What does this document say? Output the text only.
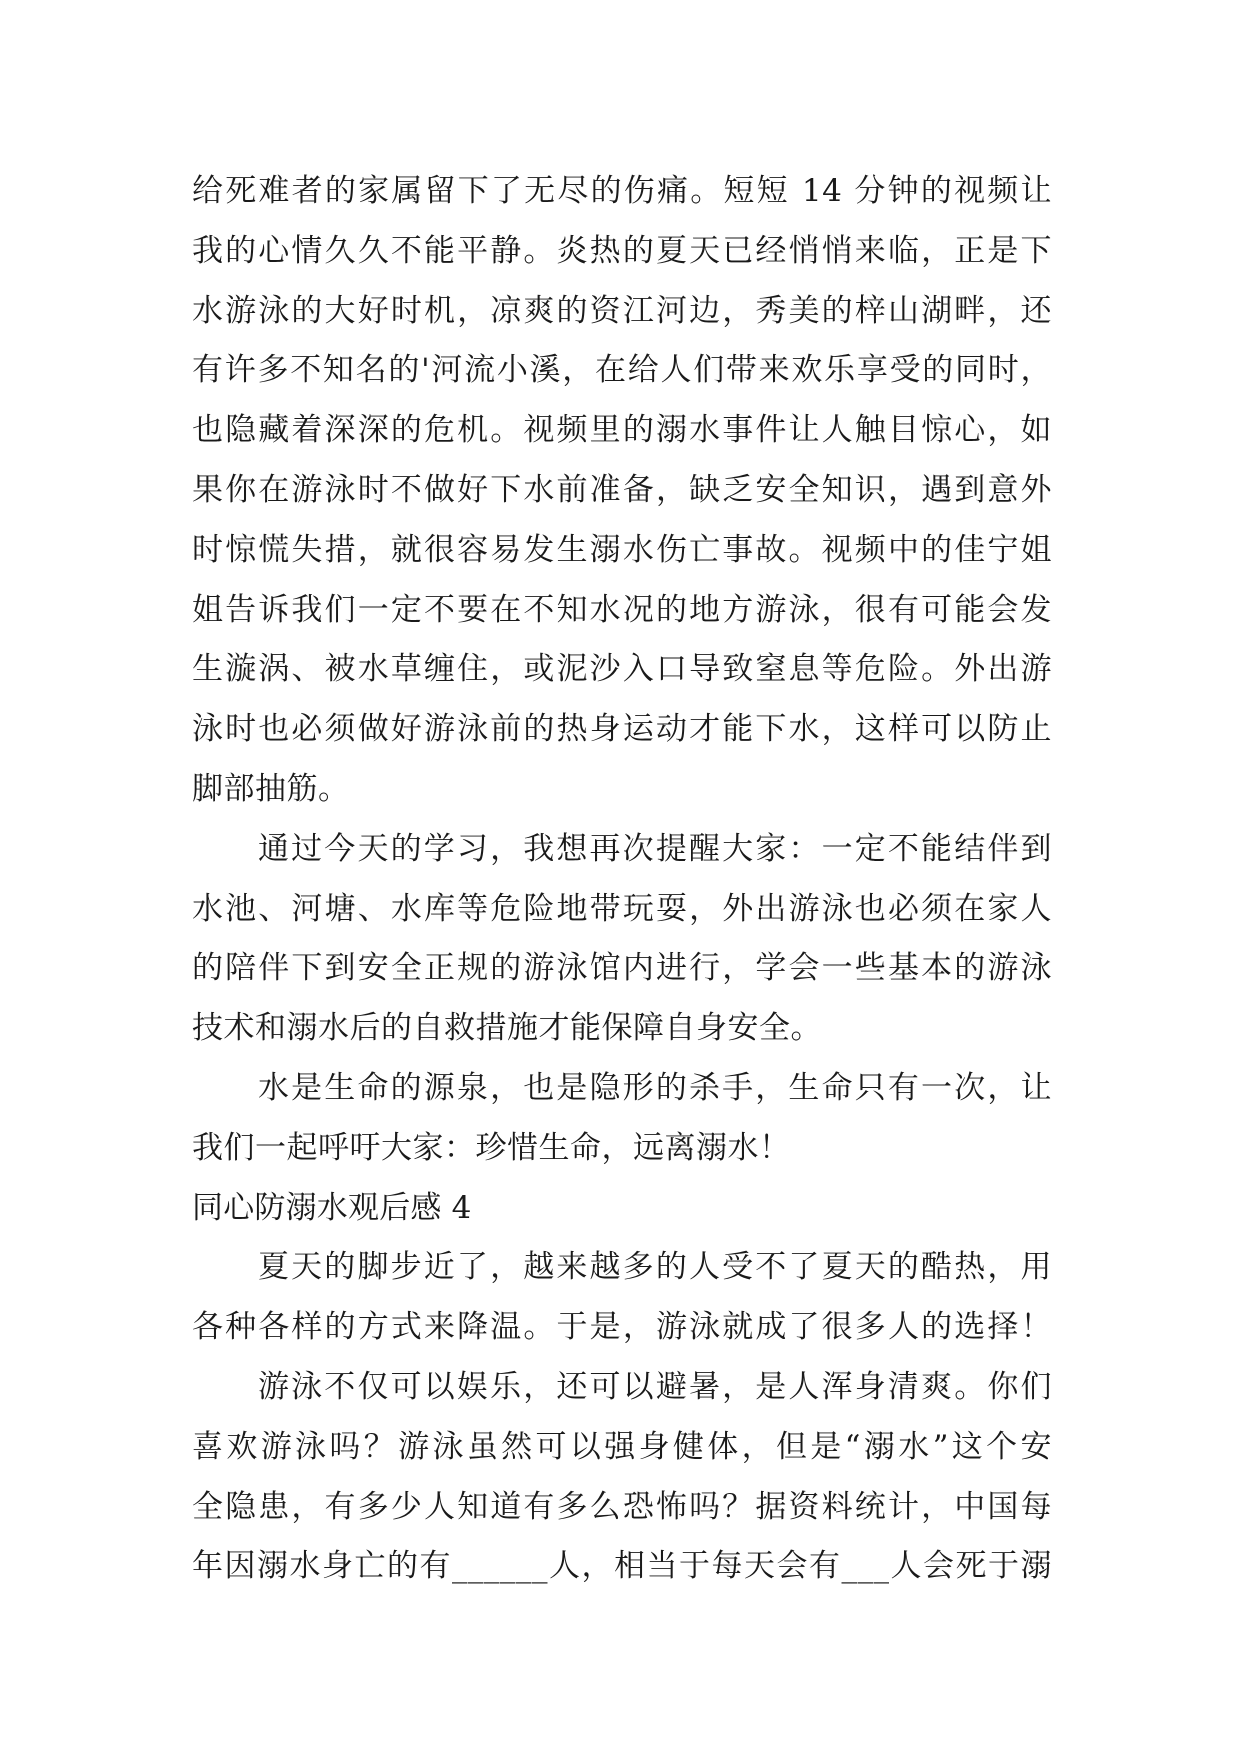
给死难者的家属留下了无尽的伤痛。短短 14 分钟的视频让
我的心情久久不能平静。炎热的夏天已经悄悄来临，正是下
水游泳的大好时机，凉爽的资江河边，秀美的梓山湖畔，还
有许多不知名的'河流小溪，在给人们带来欢乐享受的同时，
也隐藏着深深的危机。视频里的溺水事件让人触目惊心，如
果你在游泳时不做好下水前准备，缺乏安全知识，遇到意外
时惊慌失措，就很容易发生溺水伤亡事故。视频中的佳宁姐
姐告诉我们一定不要在不知水况的地方游泳，很有可能会发
生漩涡、被水草缠住，或泥沙入口导致窒息等危险。外出游
泳时也必须做好游泳前的热身运动才能下水，这样可以防止
脚部抽筋。
通过今天的学习，我想再次提醒大家：一定不能结伴到
水池、河塘、水库等危险地带玩耍，外出游泳也必须在家人
的陪伴下到安全正规的游泳馆内进行，学会一些基本的游泳
技术和溺水后的自救措施才能保障自身安全。
水是生命的源泉，也是隐形的杀手，生命只有一次，让
我们一起呼吁大家：珍惜生命，远离溺水！
同心防溺水观后感 4
夏天的脚步近了，越来越多的人受不了夏天的酷热，用
各种各样的方式来降温。于是，游泳就成了很多人的选择！
游泳不仅可以娱乐，还可以避暑，是人浑身清爽。你们
喜欢游泳吗？游泳虽然可以强身健体，但是“溺水”这个安
全隐患，有多少人知道有多么恐怖吗？据资料统计，中国每
年因溺水身亡的有______人，相当于每天会有___人会死于溺
